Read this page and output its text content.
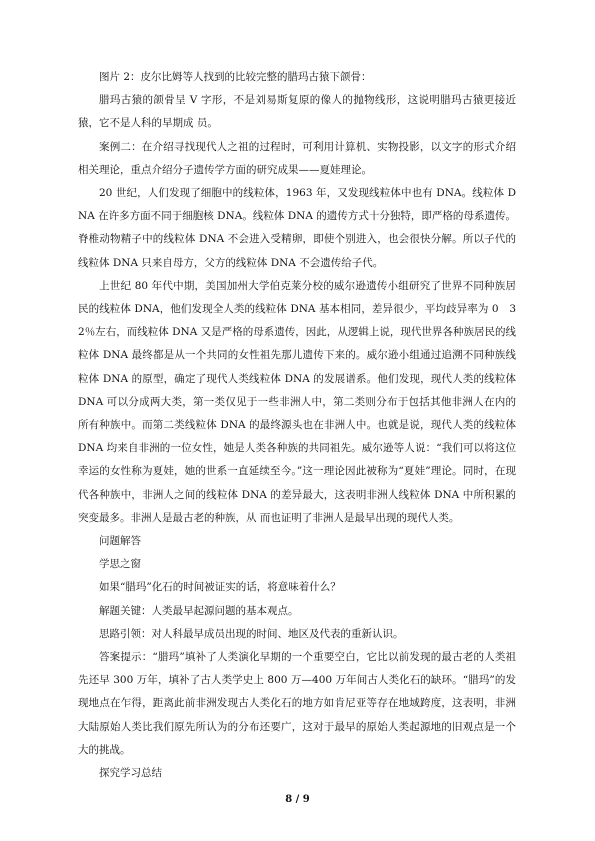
图片 2：皮尔比姆等人找到的比较完整的腊玛古猿下颌骨：

腊玛古猿的颌骨呈 V 字形，不是刘易斯复原的像人的抛物线形，这说明腊玛古猿更接近猿，它不是人科的早期成 员。

案例二：在介绍寻找现代人之祖的过程时，可利用计算机、实物投影，以文字的形式介绍相关理论，重点介绍分子遗传学方面的研究成果——夏娃理论。

20 世纪，人们发现了细胞中的线粒体，1963 年，又发现线粒体中也有 DNA。线粒体 DNA 在许多方面不同于细胞核 DNA。线粒体 DNA 的遗传方式十分独特，即严格的母系遗传。脊椎动物精子中的线粒体 DNA 不会进入受精卵，即使个别进入，也会很快分解。所以子代的线粒体 DNA 只来自母方，父方的线粒体 DNA 不会遗传给子代。

上世纪 80 年代中期，美国加州大学伯克莱分校的威尔逊遗传小组研究了世界不同种族居民的线粒体 DNA，他们发现全人类的线粒体 DNA 基本相同，差异很少，平均歧异率为 0　32％左右，而线粒体 DNA 又是严格的母系遗传，因此，从逻辑上说，现代世界各种族居民的线粒体 DNA 最终都是从一个共同的女性祖先那儿遗传下来的。威尔逊小组通过追溯不同种族线粒体 DNA 的原型，确定了现代人类线粒体 DNA 的发展谱系。他们发现，现代人类的线粒体 DNA 可以分成两大类，第一类仅见于一些非洲人中，第二类则分布于包括其他非洲人在内的所有种族中。而第二类线粒体 DNA 的最终源头也在非洲人中。也就是说，现代人类的线粒体 DNA 均来自非洲的一位女性，她是人类各种族的共同祖先。威尔逊等人说：“我们可以将这位幸运的女性称为夏娃，她的世系一直延续至今。”这一理论因此被称为“夏娃”理论。同时，在现代各种族中，非洲人之间的线粒体 DNA 的差异最大，这表明非洲人线粒体 DNA 中所积累的突变最多。非洲人是最古老的种族，从 而也证明了非洲人是最早出现的现代人类。

问题解答

学思之窗

如果“腊玛”化石的时间被证实的话，将意味着什么？

解题关键：人类最早起源问题的基本观点。

思路引领：对人科最早成员出现的时间、地区及代表的重新认识。

答案提示：“腊玛”填补了人类演化早期的一个重要空白，它比以前发现的最古老的人类祖先还早 300 万年，填补了古人类学史上 800 万—400 万年间古人类化石的缺环。“腊玛”的发现地点在乍得，距离此前非洲发现古人类化石的地方如肯尼亚等存在地域跨度，这表明，非洲大陆原始人类比我们原先所认为的分布还要广，这对于最早的原始人类起源地的旧观点是一个大的挑战。

探究学习总结

8 / 9
